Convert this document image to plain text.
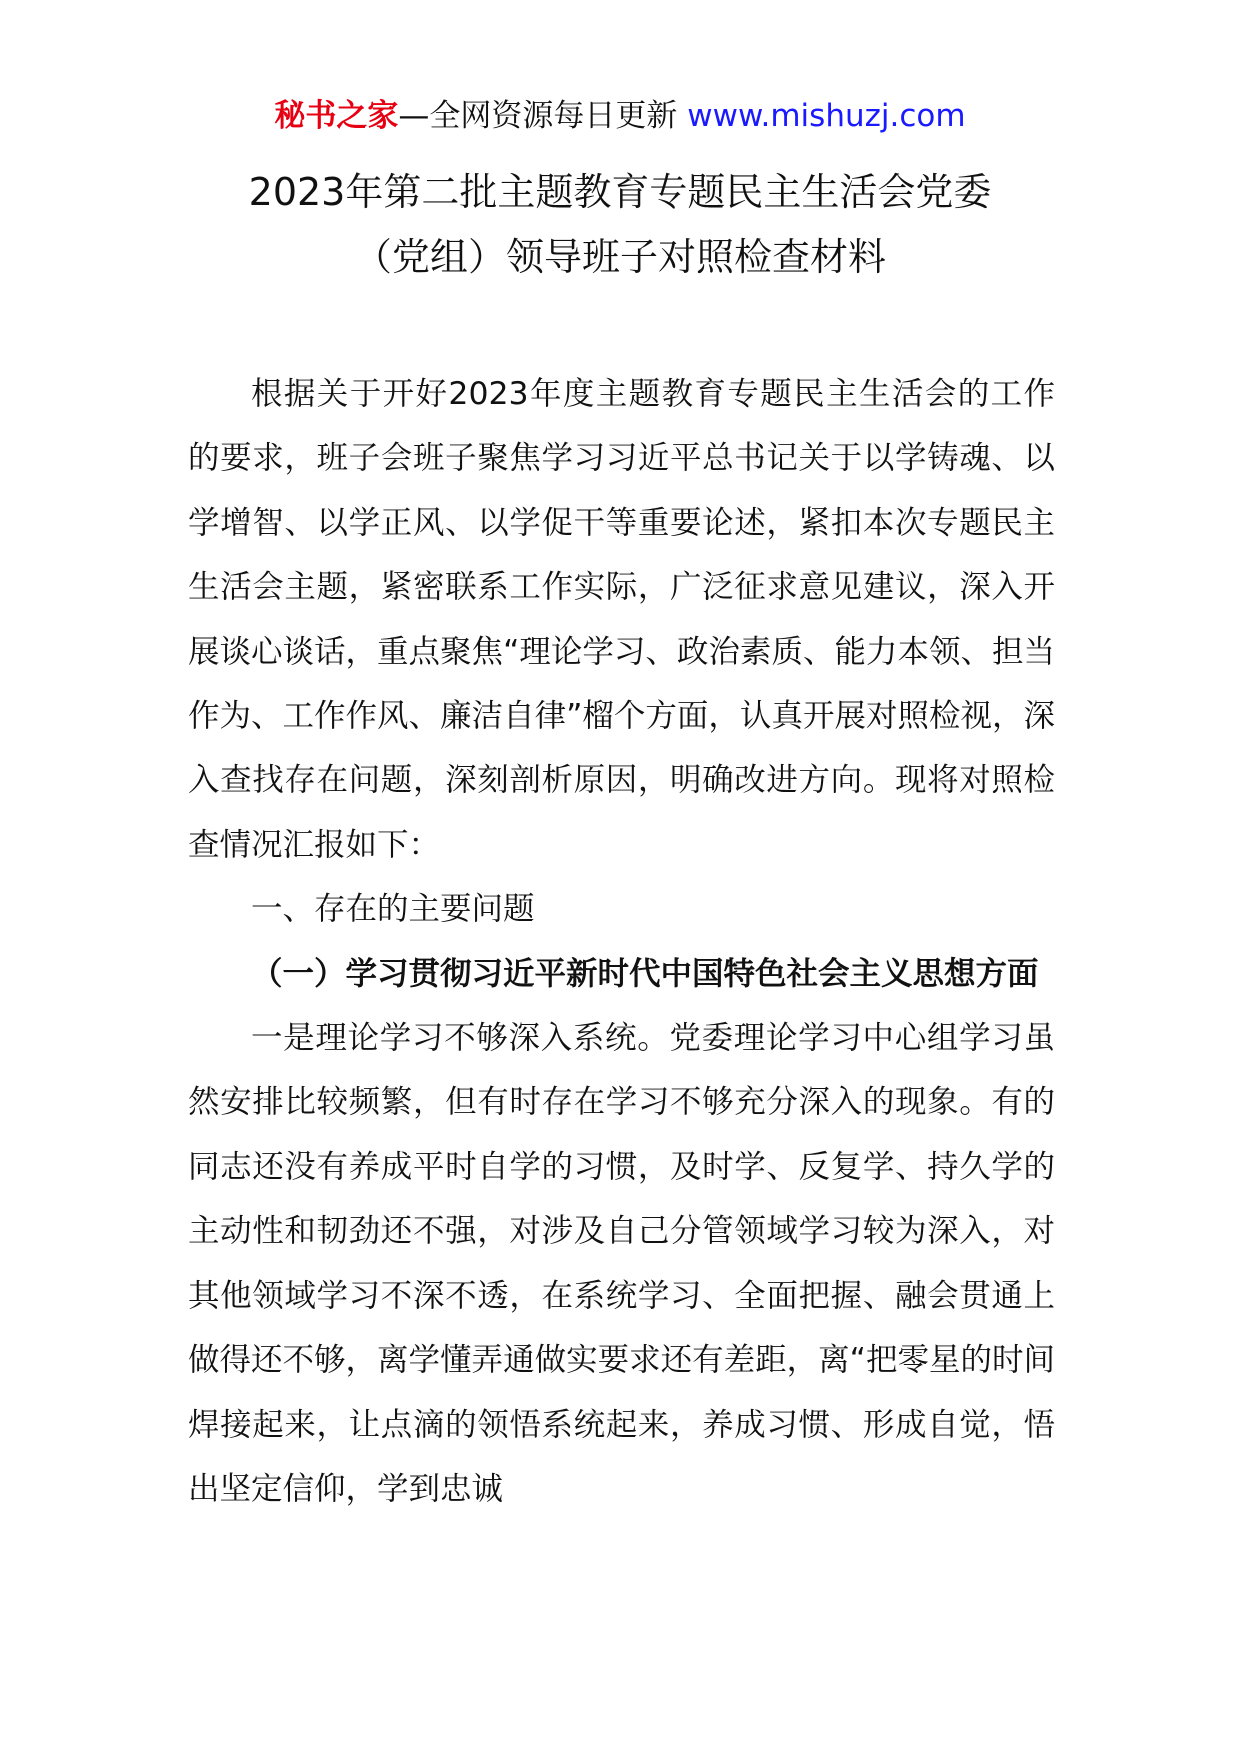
秘书之家—全网资源每日更新 www.mishuzj.com
2023年第二批主题教育专题民主生活会党委
（党组）领导班子对照检查材料

根据关于开好2023年度主题教育专题民主生活会的工作的要求，班子会班子聚焦学习习近平总书记关于以学铸魂、以学增智、以学正风、以学促干等重要论述，紧扣本次专题民主生活会主题，紧密联系工作实际，广泛征求意见建议，深入开展谈心谈话，重点聚焦“理论学习、政治素质、能力本领、担当作为、工作作风、廉洁自律”榴个方面，认真开展对照检视，深入查找存在问题，深刻剖析原因，明确改进方向。现将对照检查情况汇报如下：

一、存在的主要问题

（一）学习贯彻习近平新时代中国特色社会主义思想方面

一是理论学习不够深入系统。党委理论学习中心组学习虽然安排比较频繁，但有时存在学习不够充分深入的现象。有的同志还没有养成平时自学的习惯，及时学、反复学、持久学的主动性和韧劲还不强，对涉及自己分管领域学习较为深入，对其他领域学习不深不透，在系统学习、全面把握、融会贯通上做得还不够，离学懂弄通做实要求还有差距，离“把零星的时间焊接起来，让点滴的领悟系统起来，养成习惯、形成自觉，悟出坚定信仰，学到忠诚
